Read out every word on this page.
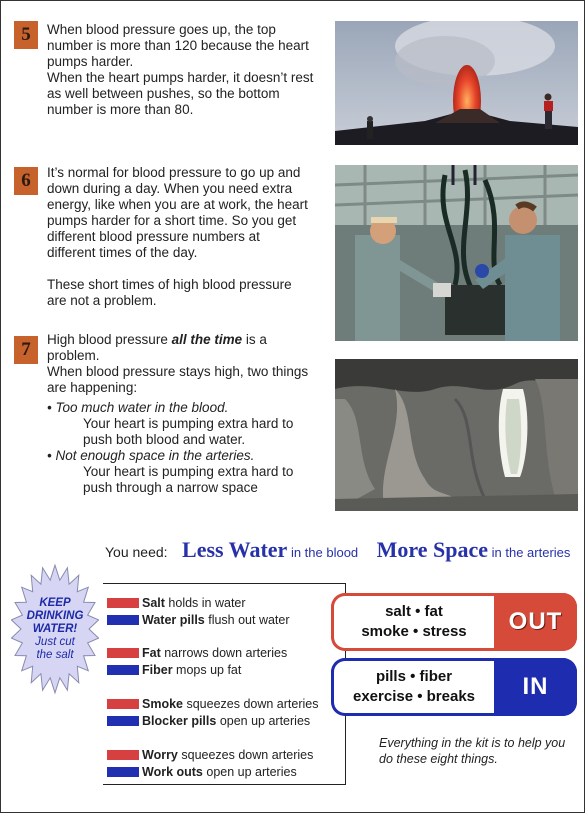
5	When blood pressure goes up, the top number is more than 120 because the heart pumps harder.

When the heart pumps harder, it doesn’t rest as well between pushes, so the bottom number is more than 80.

6	It’s normal for blood pressure to go up and down during a day. When you need extra energy, like when you are at work, the heart pumps harder for a short time. So you get different blood pressure numbers at different times of the day.

These short times of high blood pressure are not a problem.

7	High blood pressure all the time is a problem.

When blood pressure stays high, two things are happening:

• Too much water in the blood.

Your heart is pumping extra hard to push both blood and water.

• Not enough space in the arteries.

Your heart is pumping extra hard to push through a narrow space

You need: Less Water in the blood More Space in the arteries
KEEP
DRINKING
WATER!
Just cut
the salt
Salt holds in water
Water pills flush out water
Fat narrows down arteries
Fiber mops up fat
Smoke squeezes down arteries
Blocker pills open up arteries
Worry squeezes down arteries
Work outs open up arteries
salt • fat
smoke • stress	OUT
pills • fiber
exercise • breaks	IN
Everything in the kit is to help you do these eight things.
